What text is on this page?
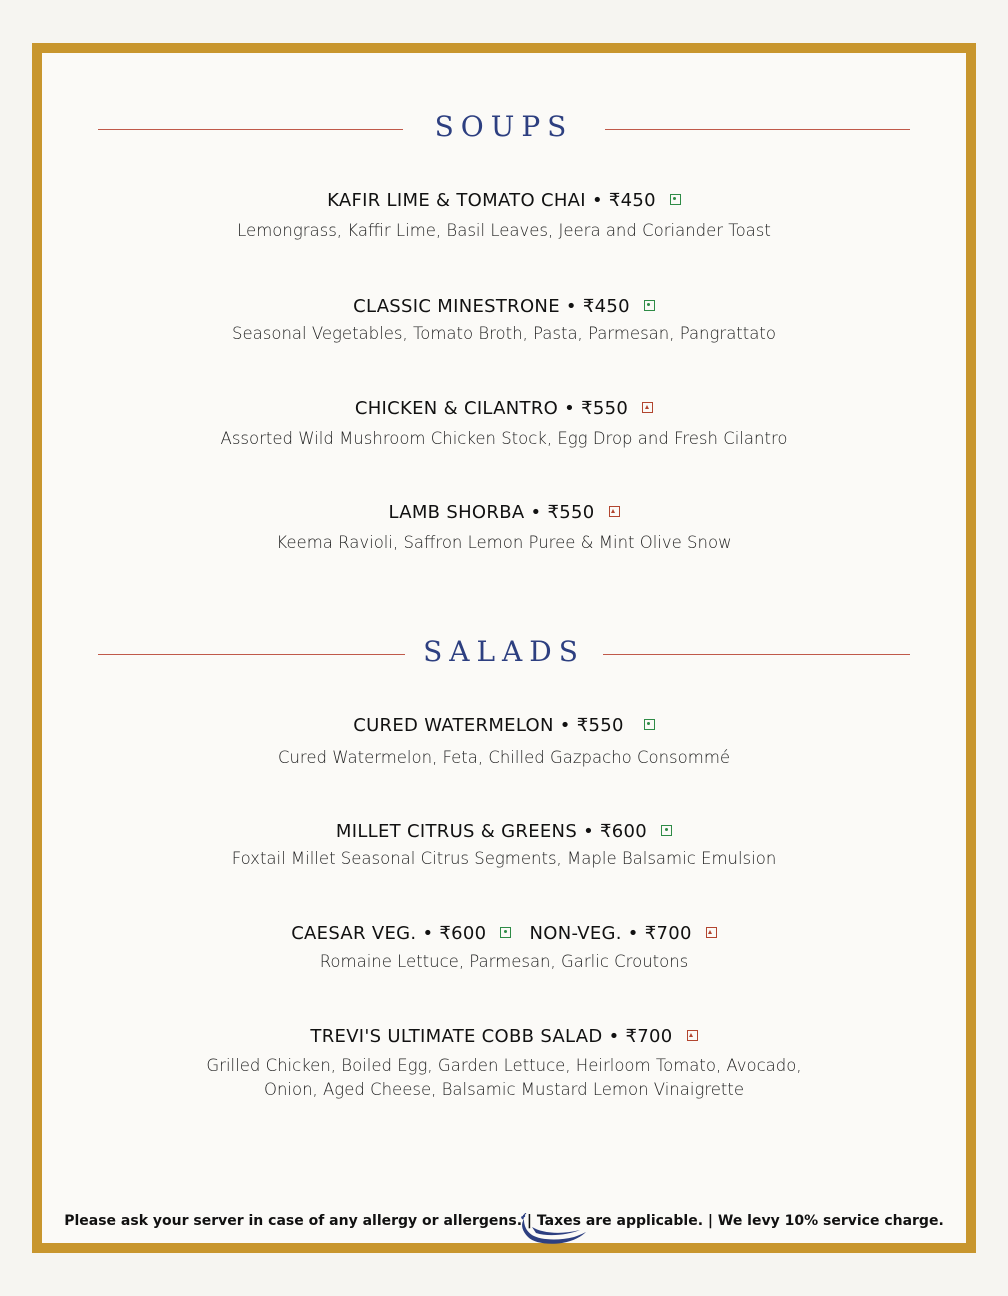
SOUPS
KAFIR LIME & TOMATO CHAI • ₹450
Lemongrass, Kaffir Lime, Basil Leaves, Jeera and Coriander Toast
CLASSIC MINESTRONE • ₹450
Seasonal Vegetables, Tomato Broth, Pasta, Parmesan, Pangrattato
CHICKEN & CILANTRO • ₹550
Assorted Wild Mushroom Chicken Stock, Egg Drop and Fresh Cilantro
LAMB SHORBA • ₹550
Keema Ravioli, Saffron Lemon Puree & Mint Olive Snow
SALADS
CURED WATERMELON • ₹550
Cured Watermelon, Feta, Chilled Gazpacho Consommé
MILLET CITRUS & GREENS • ₹600
Foxtail Millet Seasonal Citrus Segments, Maple Balsamic Emulsion
CAESAR VEG. • ₹600 NON-VEG. • ₹700
Romaine Lettuce, Parmesan, Garlic Croutons
TREVI'S ULTIMATE COBB SALAD • ₹700
Grilled Chicken, Boiled Egg, Garden Lettuce, Heirloom Tomato, Avocado,
Onion, Aged Cheese, Balsamic Mustard Lemon Vinaigrette
Please ask your server in case of any allergy or allergens. | Taxes are applicable. | We levy 10% service charge.
